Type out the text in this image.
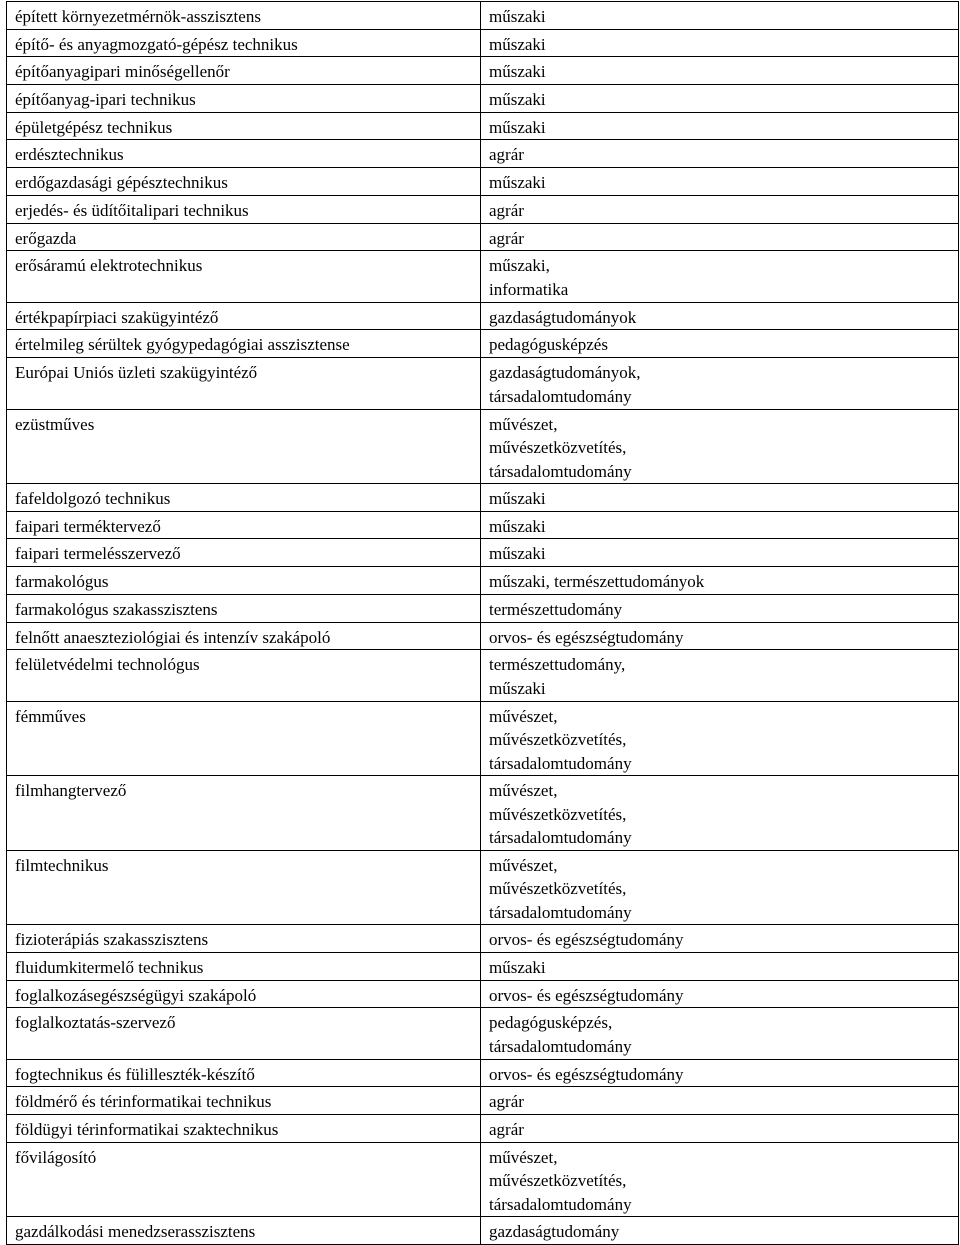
épített környezetmérnök-asszisztens	műszaki
építő- és anyagmozgató-gépész technikus	műszaki
építőanyagipari minőségellenőr	műszaki
építőanyag-ipari technikus	műszaki
épületgépész technikus	műszaki
erdésztechnikus	agrár
erdőgazdasági gépésztechnikus	műszaki
erjedés- és üdítőitalipari technikus	agrár
erőgazda	agrár
erősáramú elektrotechnikus	műszaki,
informatika
értékpapírpiaci szakügyintéző	gazdaságtudományok
értelmileg sérültek gyógypedagógiai asszisztense	pedagógusképzés
Európai Uniós üzleti szakügyintéző	gazdaságtudományok,
társadalomtudomány
ezüstműves	művészet,
művészetközvetítés,
társadalomtudomány
fafeldolgozó technikus	műszaki
faipari terméktervező	műszaki
faipari termelésszervező	műszaki
farmakológus	műszaki, természettudományok
farmakológus szakasszisztens	természettudomány
felnőtt anaeszteziológiai és intenzív szakápoló	orvos- és egészségtudomány
felületvédelmi technológus	természettudomány,
műszaki
fémműves	művészet,
művészetközvetítés,
társadalomtudomány
filmhangtervező	művészet,
művészetközvetítés,
társadalomtudomány
filmtechnikus	művészet,
művészetközvetítés,
társadalomtudomány
fizioterápiás szakasszisztens	orvos- és egészségtudomány
fluidumkitermelő technikus	műszaki
foglalkozásegészségügyi szakápoló	orvos- és egészségtudomány
foglalkoztatás-szervező	pedagógusképzés,
társadalomtudomány
fogtechnikus és fülilleszték-készítő	orvos- és egészségtudomány
földmérő és térinformatikai technikus	agrár
földügyi térinformatikai szaktechnikus	agrár
fővilágosító	művészet,
művészetközvetítés,
társadalomtudomány
gazdálkodási menedzserasszisztens	gazdaságtudomány
